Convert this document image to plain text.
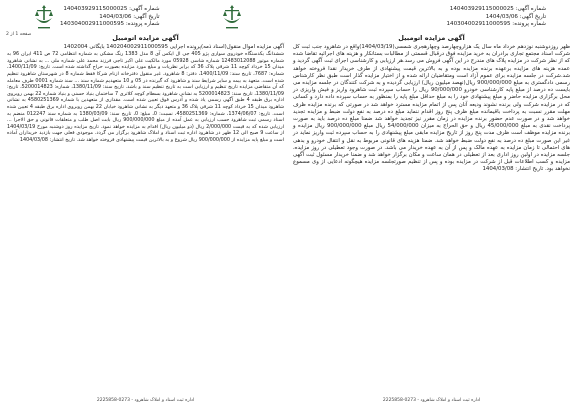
شماره آگهی: 140403929115000025
تاریخ آگهی: 1404/03/06
شماره پرونده: 140304002911000595
آگهی مزایده اتومبیل

ظهر روزدوشنبه نوزدهم خرداد ماه سال یک هزاروچهارصد وچهارهجری شمسی(1404/03/19)واقع در شاهرود جنب ثبت کل شرکت اسناد مجتمع تجاری برادران به خرید مزایده فوق درقبال قسمتی از مطالبات بستانکار و هزینه های اجرائیه تقاضا شده که از نظر شرکت در مزایده پلاک های مندرج در این آگهی فروش می رسد.هر ارزیابی و کارشناسی اجرای ثبت آگهی گردید و عمده هزینه های مزایده برعهده برنده مزایده بوده و به بالاترین قیمت پیشنهادی از طرف خریدار نقدا فروخته خواهد شد.شرکت در جلسه مزایده برای عموم آزاد است ومتقاضیان ارائه شده و از اختیار مزایده گذار است طبق نظر کارشناس رسمی دادگستری به مبلغ 900/000/000 ریال(نهصد میلیون ریال) ارزیابی گردیده و به شرکت کنندگان در جلسه مزایده می بایست ده درصد از مبلغ پایه کارشناسی خودرو 90/000/000 ریال را حساب سپرده ثبت شاهرود واریز و فیش واریزی در محل برگزاری مزایده حاضر و مبلغ پیشنهادی خود را به مبلغ حداقل مبلغ پایه را بمنظور به حساب سپرده داده دارد و کسانی که در مزایده شرکت ولی برنده نشوند ودیعه آنان پس از اتمام مزایده مسترد خواهد شد در صورتی که برنده مزایده ظرف مهلت مقرر نسبت به پرداخت باقیمانده مبلغ ظرف پنج روز اقدام ننماید مبلغ ده درصد به نفع دولت ضبط و مزایده تجدید خواهد شد و در صورت عدم حضور برنده مزایده در زمان مقرر نیز تجدید خواهد شد ضمنا مبلغ ده درصد باید به صورت پرداخت نقدی به مبلغ 45/000/000 ریال و حق الحراج به میزان 54/000/000 ریال مبلغ 900/000/000 ریال مزایده و برنده مزایده موظف است ظرف مدت پنج روز از تاریخ مزایده مابقی مبلغ پیشنهادی را به حساب سپرده ثبت واریز نماید در غیر این صورت مبلغ ده درصد به نفع دولت ضبط خواهد شد. ضمنا هزینه های قانونی مربوط به نقل و انتقال خودرو و بدهی های احتمالی تا زمان مزایده به عهده مالک و پس از آن به عهده خریدار می باشد. در صورت وجود تعطیلی در روز مزایده، جلسه مزایده در اولین روز اداری بعد از تعطیلی در همان ساعت و مکان برگزار خواهد شد و ضمنا خریدار مسئول ثبت آگهی مزایده و کسب اطلاعات قبل از شرکت در مزایده بوده و پس از تنظیم صورتجلسه مزایده هیچگونه ادعایی از وی مسموع نخواهد بود. تاریخ انتشار: 1404/03/08

اداره ثبت اسناد و املاک شاهرود - 0273-2225858
شماره آگهی: 140403929115000025
تاریخ آگهی: 1404/03/06
شماره پرونده: 140304002911000595
صفحه 1 از 2	آگهی مزایده اتومبیل

آگهی مزایده اموال منقول(اسناد ذمه)پرونده اجرایی 140204002911000595 بایگانی 1402004

ششدانگ یکدستگاه خودروی سواری پژو 405 جی ال ایکس آی 8 مدل 1383 رنگ مشکی به شماره انتظامی 72 ص 411 ایران 96 به شماره موتور 12483012088 شماره شاسی 05928 مورد مالکیت علی اکبر تاجی فرزند محمد علی شماره ملی ... به نشانی شاهرود میدان 15 خرداد کوچه 11 شرقی پلاک 36 که برابر نظریات و مبلغ مورد مزایده بصورت حراج گذاشته شده است. تاریخ: 1400/11/09، شماره: 7687، تاریخ سند: 1400/11/09، دفتر: 8 شاهرود. غیر منقول دفترخانه ازنام شرکا فقط شماره 8 در شهرستان شاهرود تنظیم شده است. متعهد به بیمه و سایر شرایط سند و شاهرود که گیرنده در 05 و 10 متعهدیم شماره سند ... سند شماره 0001 طرف معامله که آن متقاضی مزایده تاریخ تنظیم و ارزیابی است به تاریخ تنظیم سند و باشد. تاریخ سند: 1380/11/09، شماره: 5200014823، تاریخ: 1380/11/09، تاریخ سند: 5200014823 به نشانی شاهرود بسطام کوچه کلاتری 7 ساختمان بنیاد حسنی و بنیاد شماره 22 بهمن روبروی اداره برق طبقه 4 طبق آگهی رسمی یاد شده و آدرس فوق تعیین شده است. مقداری از متعهدین با شماره 4580251369 به نشانی شاهرود میدان 15 خرداد کوچه 11 شرقی پلاک 36 و متعهد دیگر به نشانی شاهرود خیابان 22 بهمن روبروی اداره برق طبقه 4 تعیین شده است. تاریخ: 1374/06/07، شماره: 4580251369، نسبت: 0، مبلغ: 0، تاریخ سند: 1380/03/09 به شماره سند 012247 منضم به اسناد رسمی ثبت شاهرود حسب ارزیابی به عمل آمده از مبلغ 900/000/000 ریال بابت اصل طلب و متعلقات قانونی و حق الاجرا ... ارزیابی شده که به قیمت 2/000/000 ریال (دو میلیون ریال) اقدام به مزایده خواهد نمود. تاریخ مزایده روز دوشنبه مورخ 1404/03/19 از ساعت 9 صبح الی 12 ظهر در شاهرود اداره ثبت اسناد و املاک شاهرود برگزار می گردد. موجودی فعلی جهت بازدید خریداران آماده است و مبلغ پایه مزایده از 900/000/000 ریال شروع و به بالاترین قیمت پیشنهادی فروخته خواهد شد. تاریخ انتشار: 1404/03/08

اداره ثبت اسناد و املاک شاهرود - 0273-2225858
